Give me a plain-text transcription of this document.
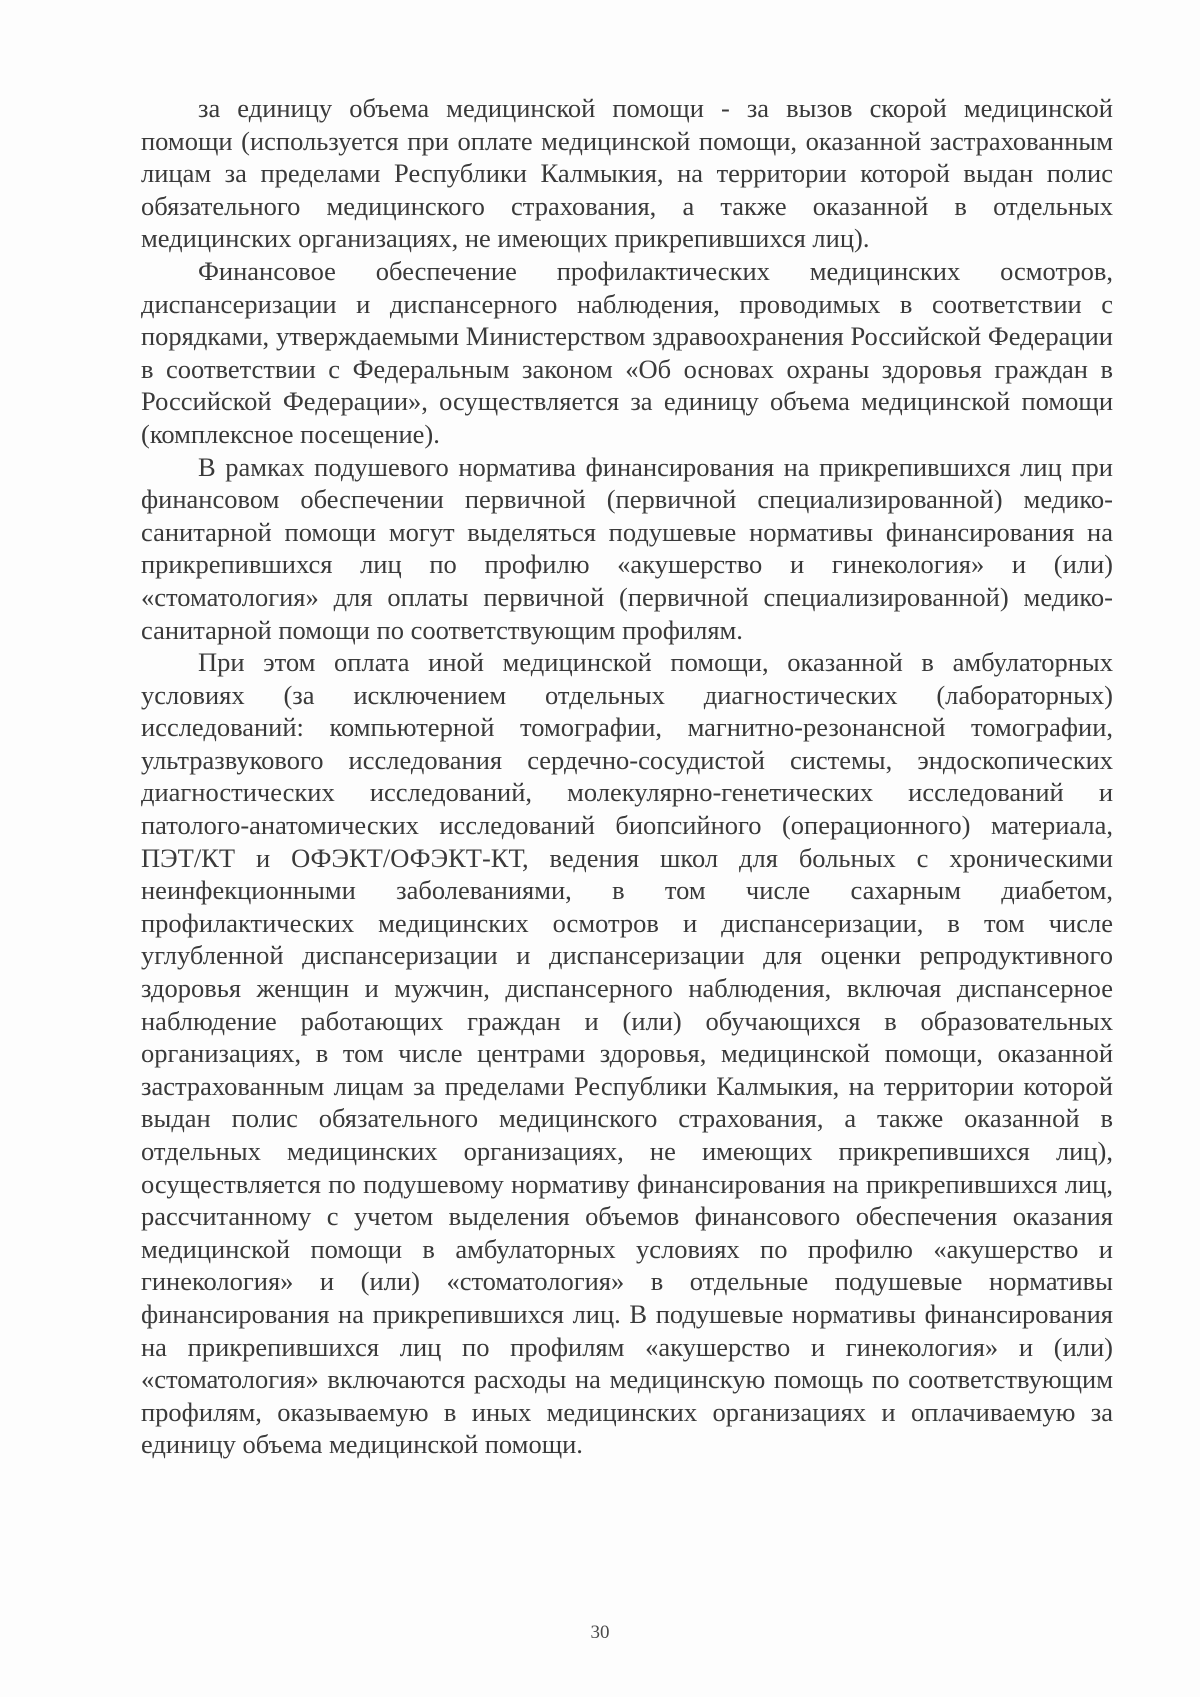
за единицу объема медицинской помощи - за вызов скорой медицинской помощи (используется при оплате медицинской помощи, оказанной застрахованным лицам за пределами Республики Калмыкия, на территории которой выдан полис обязательного медицинского страхования, а также оказанной в отдельных медицинских организациях, не имеющих прикрепившихся лиц).

Финансовое обеспечение профилактических медицинских осмотров, диспансеризации и диспансерного наблюдения, проводимых в соответствии с порядками, утверждаемыми Министерством здравоохранения Российской Федерации в соответствии с Федеральным законом «Об основах охраны здоровья граждан в Российской Федерации», осуществляется за единицу объема медицинской помощи (комплексное посещение).

В рамках подушевого норматива финансирования на прикрепившихся лиц при финансовом обеспечении первичной (первичной специализированной) медико-санитарной помощи могут выделяться подушевые нормативы финансирования на прикрепившихся лиц по профилю «акушерство и гинекология» и (или) «стоматология» для оплаты первичной (первичной специализированной) медико-санитарной помощи по соответствующим профилям.

При этом оплата иной медицинской помощи, оказанной в амбулаторных условиях (за исключением отдельных диагностических (лабораторных) исследований: компьютерной томографии, магнитно-резонансной томографии, ультразвукового исследования сердечно-сосудистой системы, эндоскопических диагностических исследований, молекулярно-генетических исследований и патолого-анатомических исследований биопсийного (операционного) материала, ПЭТ/КТ и ОФЭКТ/ОФЭКТ-КТ, ведения школ для больных с хроническими неинфекционными заболеваниями, в том числе сахарным диабетом, профилактических медицинских осмотров и диспансеризации, в том числе углубленной диспансеризации и диспансеризации для оценки репродуктивного здоровья женщин и мужчин, диспансерного наблюдения, включая диспансерное наблюдение работающих граждан и (или) обучающихся в образовательных организациях, в том числе центрами здоровья, медицинской помощи, оказанной застрахованным лицам за пределами Республики Калмыкия, на территории которой выдан полис обязательного медицинского страхования, а также оказанной в отдельных медицинских организациях, не имеющих прикрепившихся лиц), осуществляется по подушевому нормативу финансирования на прикрепившихся лиц, рассчитанному с учетом выделения объемов финансового обеспечения оказания медицинской помощи в амбулаторных условиях по профилю «акушерство и гинекология» и (или) «стоматология» в отдельные подушевые нормативы финансирования на прикрепившихся лиц. В подушевые нормативы финансирования на прикрепившихся лиц по профилям «акушерство и гинекология» и (или) «стоматология» включаются расходы на медицинскую помощь по соответствующим профилям, оказываемую в иных медицинских организациях и оплачиваемую за единицу объема медицинской помощи.

30
